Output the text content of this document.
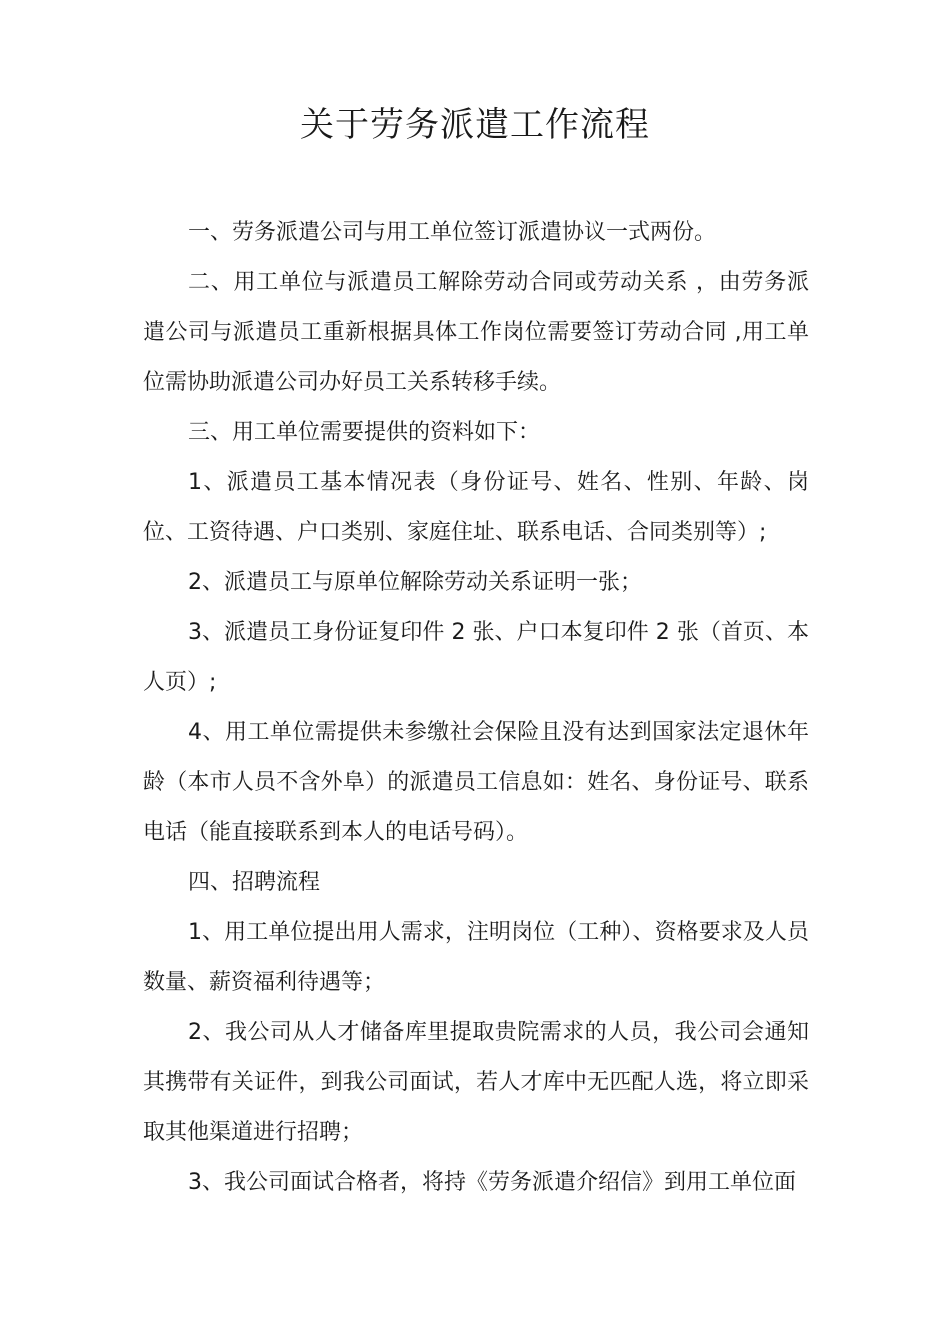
关于劳务派遣工作流程

一、劳务派遣公司与用工单位签订派遣协议一式两份。

二、用工单位与派遣员工解除劳动合同或劳动关系 ，由劳务派遣公司与派遣员工重新根据具体工作岗位需要签订劳动合同 ,用工单位需协助派遣公司办好员工关系转移手续。

三、用工单位需要提供的资料如下：

1、派遣员工基本情况表（身份证号、姓名、性别、年龄、岗位、工资待遇、户口类别、家庭住址、联系电话、合同类别等）;

2、派遣员工与原单位解除劳动关系证明一张；

3、派遣员工身份证复印件 2 张、户口本复印件 2 张（首页、本人页）;

4、用工单位需提供未参缴社会保险且没有达到国家法定退休年龄（本市人员不含外阜）的派遣员工信息如：姓名、身份证号、联系电话（能直接联系到本人的电话号码）。

四、招聘流程

1、用工单位提出用人需求，注明岗位（工种）、资格要求及人员数量、薪资福利待遇等；

2、我公司从人才储备库里提取贵院需求的人员，我公司会通知其携带有关证件，到我公司面试，若人才库中无匹配人选，将立即采取其他渠道进行招聘；

3、我公司面试合格者，将持《劳务派遣介绍信》到用工单位面
